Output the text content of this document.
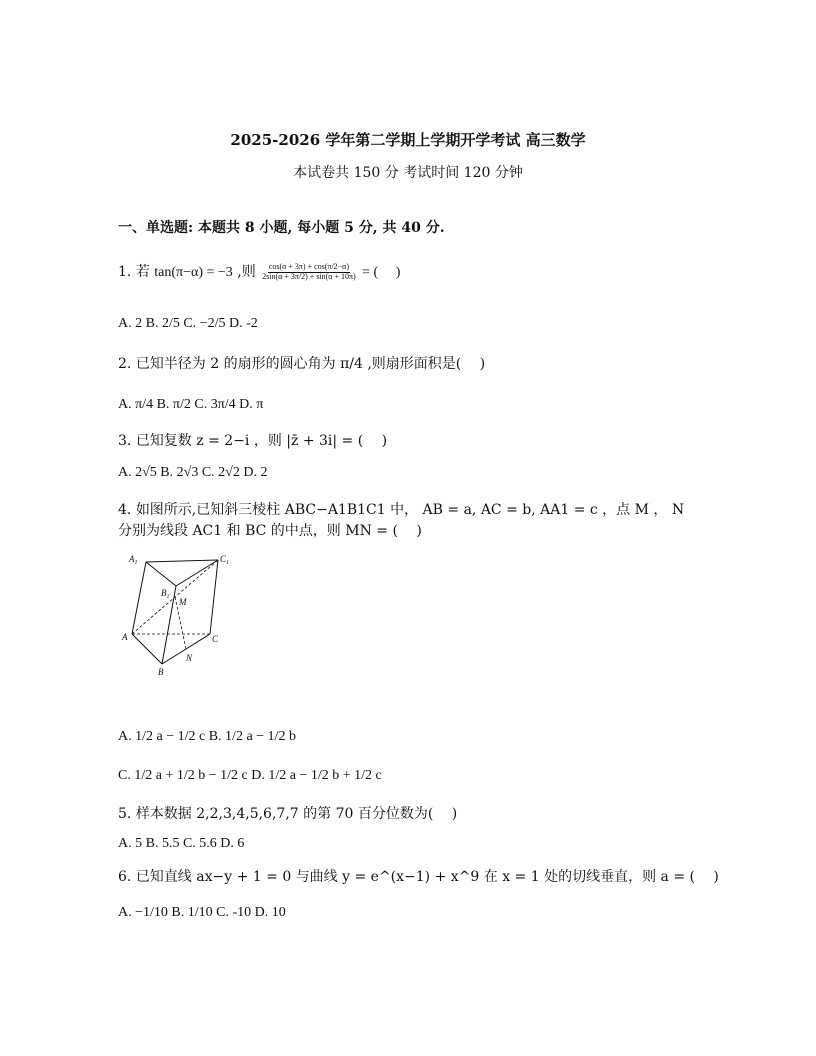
2025-2026 学年第二学期上学期开学考试 高三数学
本试卷共 150 分 考试时间 120 分钟
一、单选题: 本题共 8 小题, 每小题 5 分, 共 40 分.
1. 若 tan(π−α) = −3 ,则 $\frac{\cos(\alpha + 3\pi) + \cos(\pi/2-\alpha)}{2\sin(\alpha + 3\pi/2) + \sin(\alpha + 10\pi)}$ = (　 )
A. 2 B. 2/5 C. −2/5 D. -2
2. 已知半径为 2 的扇形的圆心角为 π/4 ,则扇形面积是(　 )
A. π/4 B. π/2 C. 3π/4 D. π
3. 已知复数 z = 2−i ，则 |z̄ + 3i| = (　 )
A. 2√5 B. 2√3 C. 2√2 D. 2
4. 如图所示,已知斜三棱柱 ABC−A1B1C1 中， AB = a, AC = b, AA1 = c ，点 M ， N
分别为线段 AC1 和 BC 的中点，则 MN = (　 )
$A_1$	$C_1$
$B_1$ M
A	C
N
B
A. 1/2 a − 1/2 c B. 1/2 a − 1/2 b
C. 1/2 a + 1/2 b − 1/2 c D. 1/2 a − 1/2 b + 1/2 c
5. 样本数据 2,2,3,4,5,6,7,7 的第 70 百分位数为(　 )
A. 5 B. 5.5 C. 5.6 D. 6
6. 已知直线 ax−y + 1 = 0 与曲线 y = e^(x−1) + x^9 在 x = 1 处的切线垂直，则 a = (　 )
A. −1/10 B. 1/10 C. -10 D. 10
